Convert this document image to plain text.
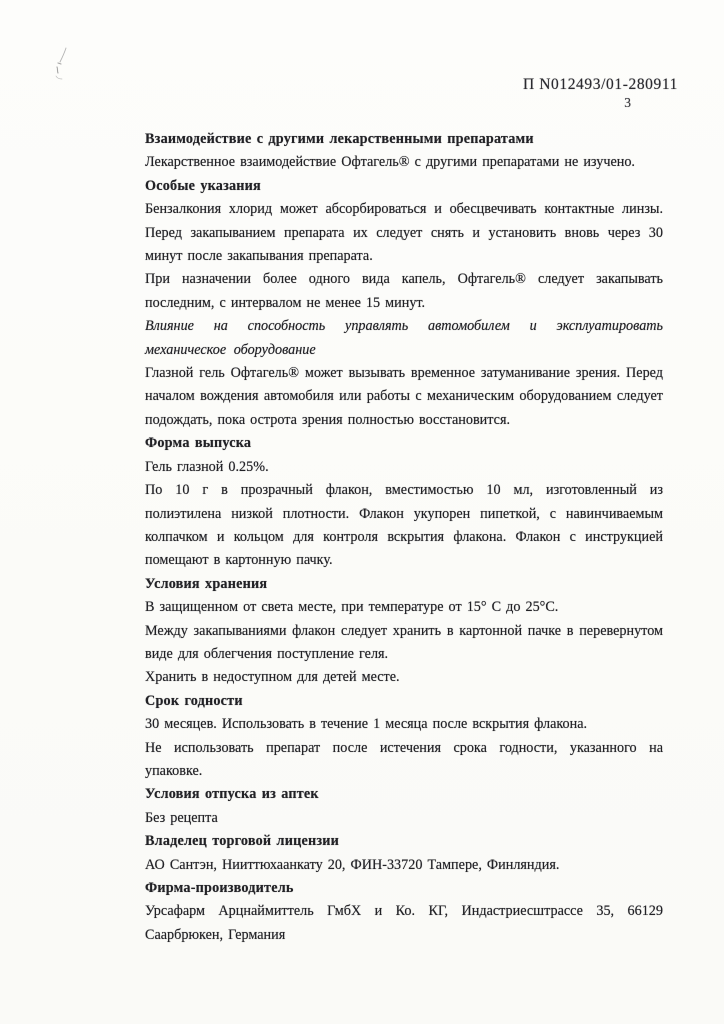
П N012493/01-280911
3

Взаимодействие с другими лекарственными препаратами

Лекарственное взаимодействие Офтагель® с другими препаратами не изучено.

Особые указания

Бензалкония хлорид может абсорбироваться и обесцвечивать контактные линзы. Перед закапыванием препарата их следует снять и установить вновь через 30 минут после закапывания препарата.

При назначении более одного вида капель, Офтагель® следует закапывать последним, с интервалом не менее 15 минут.

Влияние на способность управлять автомобилем и эксплуатировать механическое оборудование

Глазной гель Офтагель® может вызывать временное затуманивание зрения. Перед началом вождения автомобиля или работы с механическим оборудованием следует подождать, пока острота зрения полностью восстановится.

Форма выпуска

Гель глазной 0.25%.

По 10 г в прозрачный флакон, вместимостью 10 мл, изготовленный из полиэтилена низкой плотности. Флакон укупорен пипеткой, с навинчиваемым колпачком и кольцом для контроля вскрытия флакона. Флакон с инструкцией помещают в картонную пачку.

Условия хранения

В защищенном от света месте, при температуре от 15° С до 25°С.

Между закапываниями флакон следует хранить в картонной пачке в перевернутом виде для облегчения поступление геля.

Хранить в недоступном для детей месте.

Срок годности

30 месяцев. Использовать в течение 1 месяца после вскрытия флакона.

Не использовать препарат после истечения срока годности, указанного на упаковке.

Условия отпуска из аптек

Без рецепта

Владелец торговой лицензии

АО Сантэн, Нииттюхаанкату 20, ФИН-33720 Тампере, Финляндия.

Фирма-производитель

Урсафарм Арцнаймиттель ГмбХ и Ко. КГ, Индастриесштрассе 35, 66129 Саарбрюкен, Германия
